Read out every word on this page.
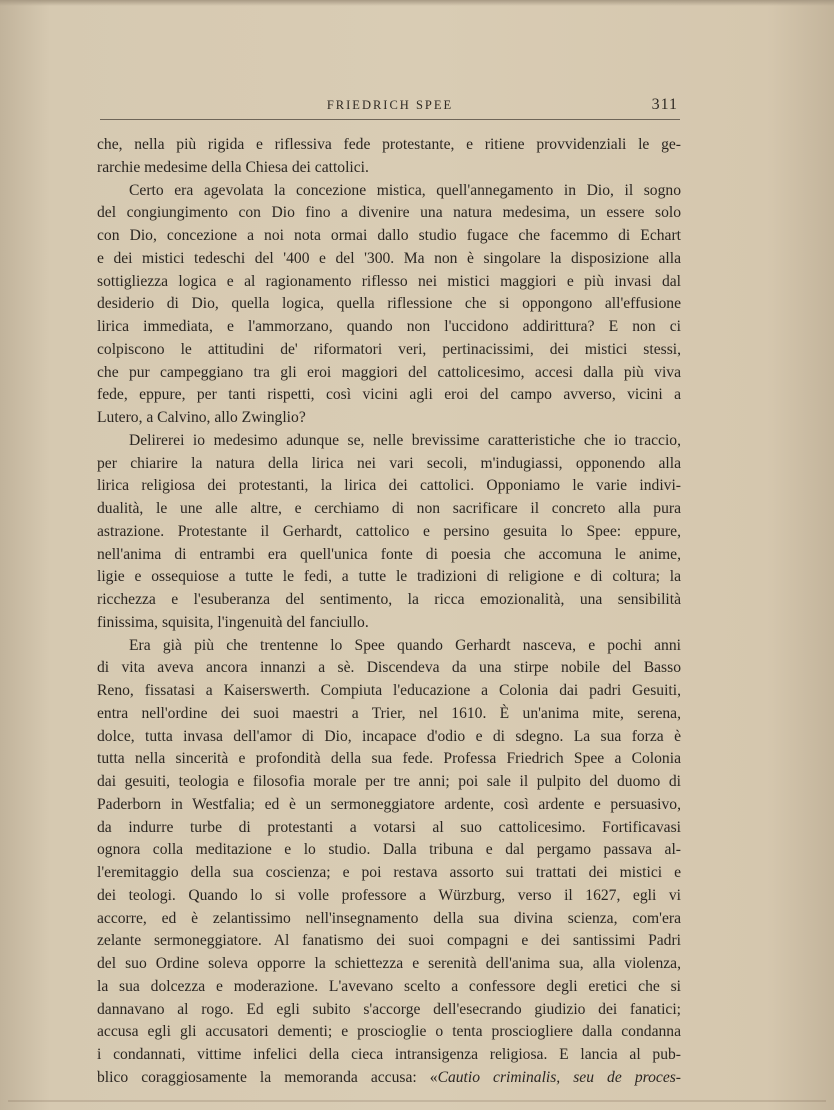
FRIEDRICH SPEE	311
che, nella più rigida e riflessiva fede protestante, e ritiene provvidenziali le ge-
rarchie medesime della Chiesa dei cattolici.
Certo era agevolata la concezione mistica, quell'annegamento in Dio, il sogno
del congiungimento con Dio fino a divenire una natura medesima, un essere solo
con Dio, concezione a noi nota ormai dallo studio fugace che facemmo di Echart
e dei mistici tedeschi del '400 e del '300. Ma non è singolare la disposizione alla
sottigliezza logica e al ragionamento riflesso nei mistici maggiori e più invasi dal
desiderio di Dio, quella logica, quella riflessione che si oppongono all'effusione
lirica immediata, e l'ammorzano, quando non l'uccidono addirittura? E non ci
colpiscono le attitudini de' riformatori veri, pertinacissimi, dei mistici stessi,
che pur campeggiano tra gli eroi maggiori del cattolicesimo, accesi dalla più viva
fede, eppure, per tanti rispetti, così vicini agli eroi del campo avverso, vicini a
Lutero, a Calvino, allo Zwinglio?
Delirerei io medesimo adunque se, nelle brevissime caratteristiche che io traccio,
per chiarire la natura della lirica nei vari secoli, m'indugiassi, opponendo alla
lirica religiosa dei protestanti, la lirica dei cattolici. Opponiamo le varie indivi-
dualità, le une alle altre, e cerchiamo di non sacrificare il concreto alla pura
astrazione. Protestante il Gerhardt, cattolico e persino gesuita lo Spee: eppure,
nell'anima di entrambi era quell'unica fonte di poesia che accomuna le anime,
ligie e ossequiose a tutte le fedi, a tutte le tradizioni di religione e di coltura; la
ricchezza e l'esuberanza del sentimento, la ricca emozionalità, una sensibilità
finissima, squisita, l'ingenuità del fanciullo.
Era già più che trentenne lo Spee quando Gerhardt nasceva, e pochi anni
di vita aveva ancora innanzi a sè. Discendeva da una stirpe nobile del Basso
Reno, fissatasi a Kaiserswerth. Compiuta l'educazione a Colonia dai padri Gesuiti,
entra nell'ordine dei suoi maestri a Trier, nel 1610. È un'anima mite, serena,
dolce, tutta invasa dell'amor di Dio, incapace d'odio e di sdegno. La sua forza è
tutta nella sincerità e profondità della sua fede. Professa Friedrich Spee a Colonia
dai gesuiti, teologia e filosofia morale per tre anni; poi sale il pulpito del duomo di
Paderborn in Westfalia; ed è un sermoneggiatore ardente, così ardente e persuasivo,
da indurre turbe di protestanti a votarsi al suo cattolicesimo. Fortificavasi
ognora colla meditazione e lo studio. Dalla tribuna e dal pergamo passava al-
l'eremitaggio della sua coscienza; e poi restava assorto sui trattati dei mistici e
dei teologi. Quando lo si volle professore a Würzburg, verso il 1627, egli vi
accorre, ed è zelantissimo nell'insegnamento della sua divina scienza, com'era
zelante sermoneggiatore. Al fanatismo dei suoi compagni e dei santissimi Padri
del suo Ordine soleva opporre la schiettezza e serenità dell'anima sua, alla violenza,
la sua dolcezza e moderazione. L'avevano scelto a confessore degli eretici che si
dannavano al rogo. Ed egli subito s'accorge dell'esecrando giudizio dei fanatici;
accusa egli gli accusatori dementi; e proscioglie o tenta prosciogliere dalla condanna
i condannati, vittime infelici della cieca intransigenza religiosa. E lancia al pub-
blico coraggiosamente la memoranda accusa: «Cautio criminalis, seu de proces-
